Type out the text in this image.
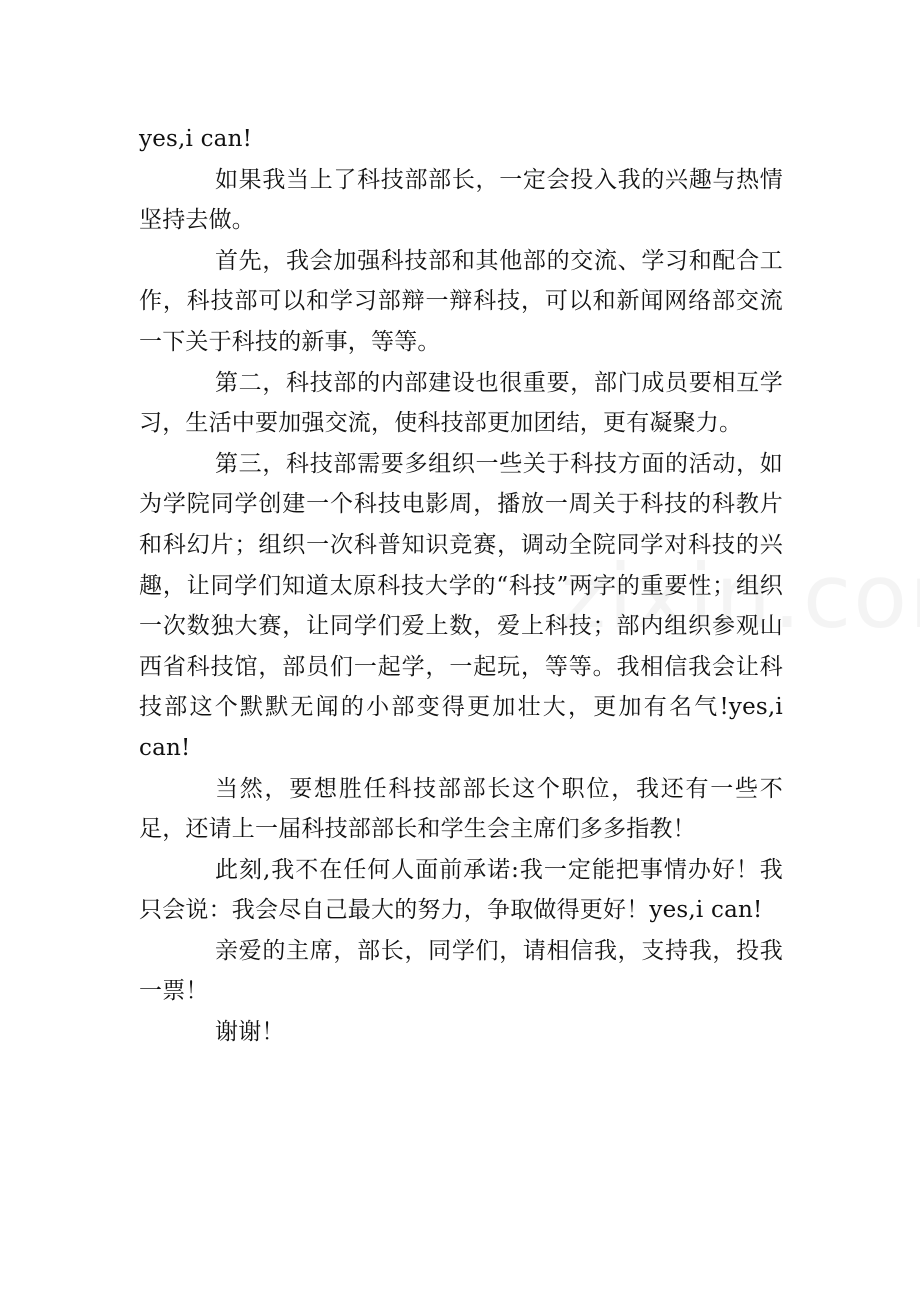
yes,i can!

如果我当上了科技部部长，一定会投入我的兴趣与热情坚持去做。

首先，我会加强科技部和其他部的交流、学习和配合工作，科技部可以和学习部辩一辩科技，可以和新闻网络部交流一下关于科技的新事，等等。

第二，科技部的内部建设也很重要，部门成员要相互学习，生活中要加强交流，使科技部更加团结，更有凝聚力。

第三，科技部需要多组织一些关于科技方面的活动，如为学院同学创建一个科技电影周，播放一周关于科技的科教片和科幻片；组织一次科普知识竞赛，调动全院同学对科技的兴趣，让同学们知道太原科技大学的“科技”两字的重要性；组织一次数独大赛，让同学们爱上数，爱上科技；部内组织参观山西省科技馆，部员们一起学，一起玩，等等。我相信我会让科技部这个默默无闻的小部变得更加壮大，更加有名气!yes,i can!

当然，要想胜任科技部部长这个职位，我还有一些不足，还请上一届科技部部长和学生会主席们多多指教！

此刻,我不在任何人面前承诺:我一定能把事情办好！我只会说：我会尽自己最大的努力，争取做得更好！yes,i can!

亲爱的主席，部长，同学们，请相信我，支持我，投我一票！

谢谢！
